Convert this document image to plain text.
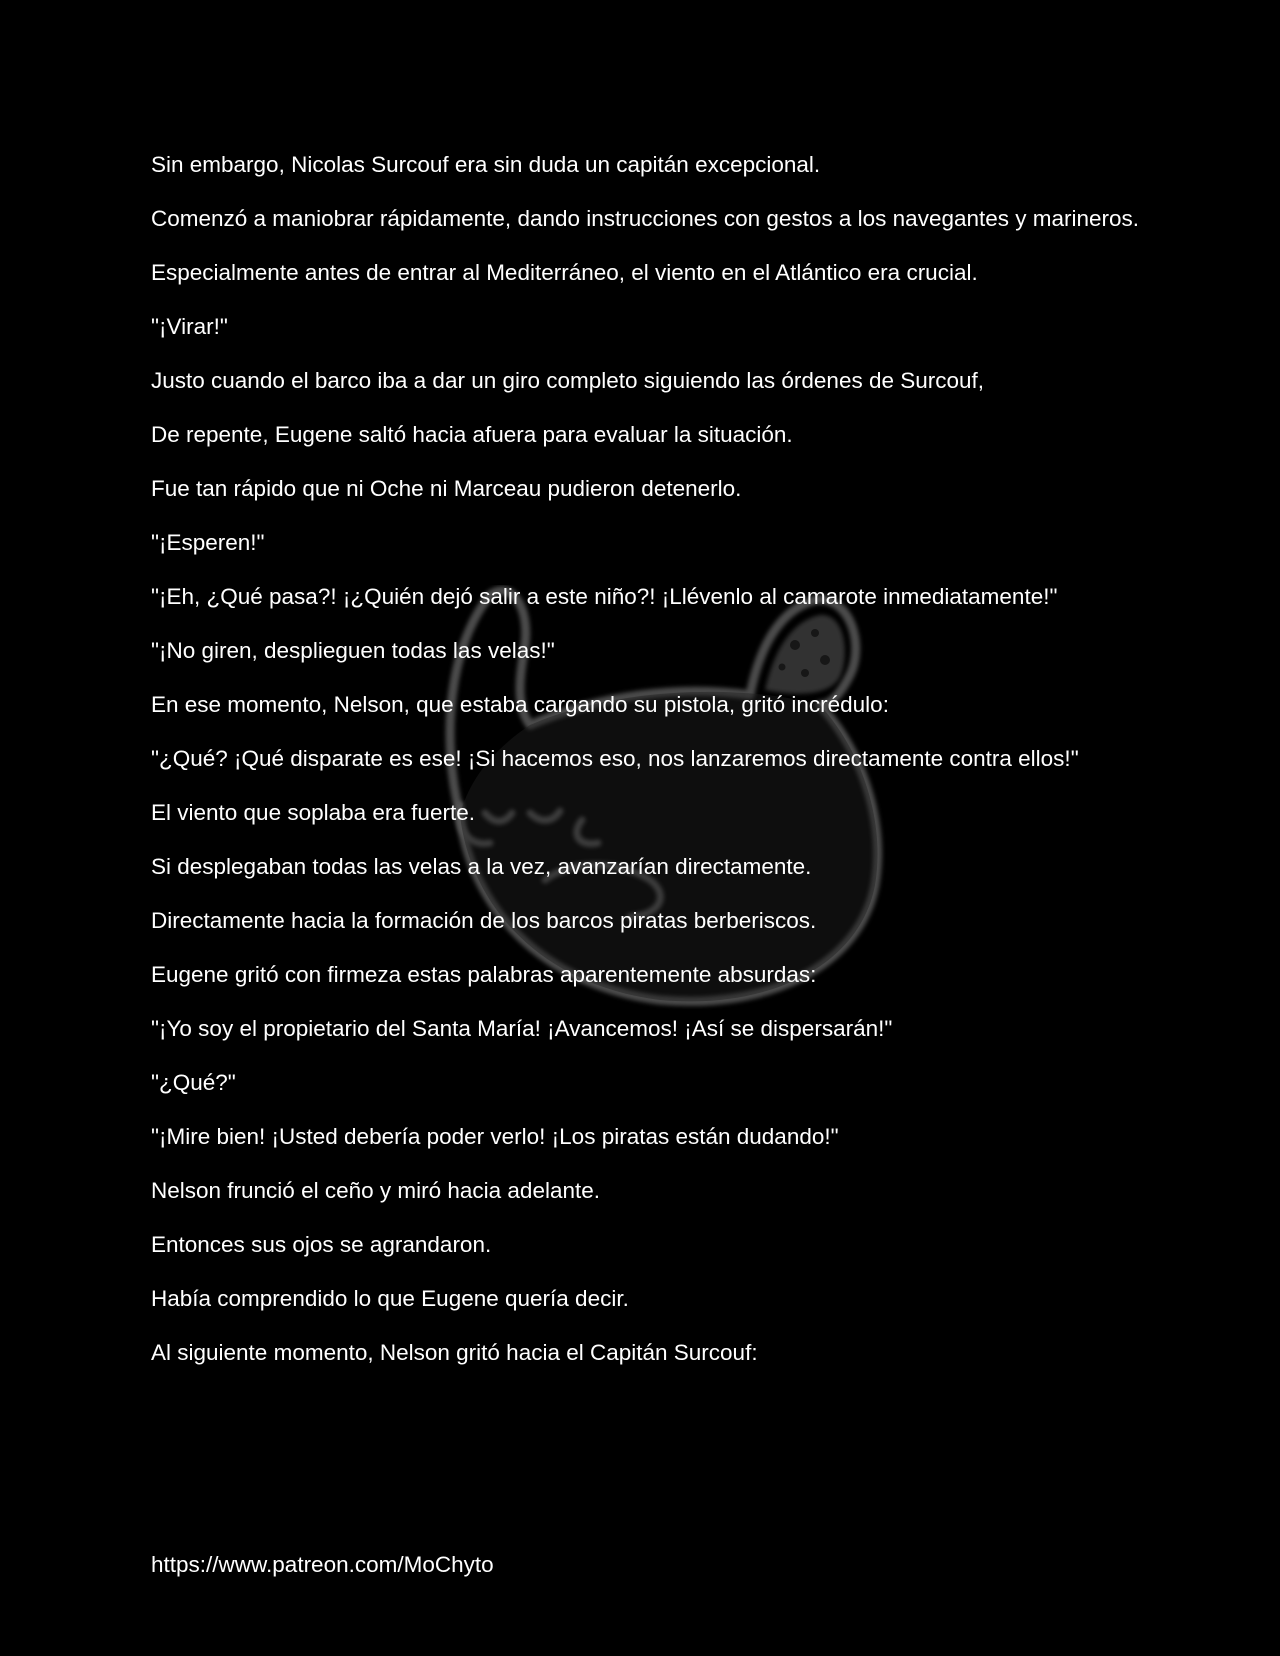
Sin embargo, Nicolas Surcouf era sin duda un capitán excepcional.

Comenzó a maniobrar rápidamente, dando instrucciones con gestos a los navegantes y marineros.

Especialmente antes de entrar al Mediterráneo, el viento en el Atlántico era crucial.

"¡Virar!"

Justo cuando el barco iba a dar un giro completo siguiendo las órdenes de Surcouf,

De repente, Eugene saltó hacia afuera para evaluar la situación.

Fue tan rápido que ni Oche ni Marceau pudieron detenerlo.

"¡Esperen!"

"¡Eh, ¿Qué pasa?! ¡¿Quién dejó salir a este niño?! ¡Llévenlo al camarote inmediatamente!"

"¡No giren, desplieguen todas las velas!"

En ese momento, Nelson, que estaba cargando su pistola, gritó incrédulo:

"¿Qué? ¡Qué disparate es ese! ¡Si hacemos eso, nos lanzaremos directamente contra ellos!"

El viento que soplaba era fuerte.

Si desplegaban todas las velas a la vez, avanzarían directamente.

Directamente hacia la formación de los barcos piratas berberiscos.

Eugene gritó con firmeza estas palabras aparentemente absurdas:

"¡Yo soy el propietario del Santa María! ¡Avancemos! ¡Así se dispersarán!"

"¿Qué?"

"¡Mire bien! ¡Usted debería poder verlo! ¡Los piratas están dudando!"

Nelson frunció el ceño y miró hacia adelante.

Entonces sus ojos se agrandaron.

Había comprendido lo que Eugene quería decir.

Al siguiente momento, Nelson gritó hacia el Capitán Surcouf:

https://www.patreon.com/MoChyto
